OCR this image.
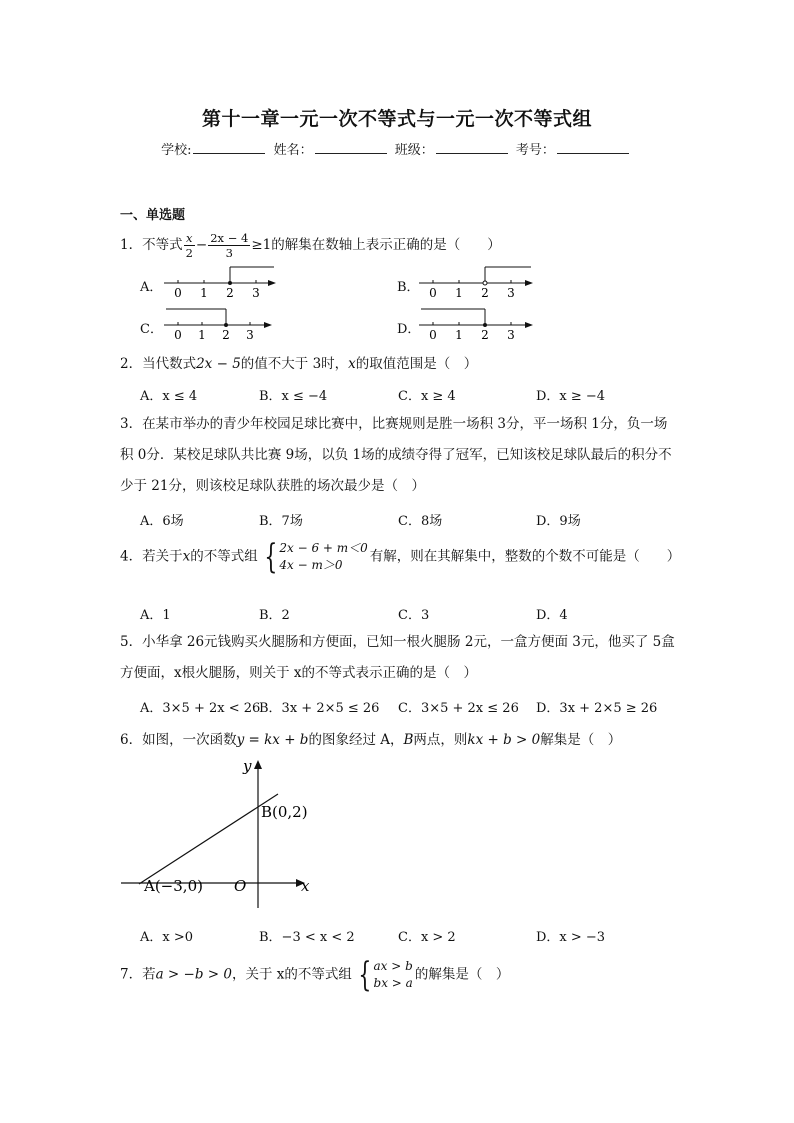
第十一章一元一次不等式与一元一次不等式组
学校:	姓名：	班级：	考号：
一、单选题
1．不等式 $\frac{x}{2} - \frac{2x - 4}{3} \ge 1$的解集在数轴上表示正确的是（　　）
A． 0 1 2 3	B． 0 1 2 3
C． 0 1 2 3	D． 0 1 2 3
2．当代数式2x − 5的值不大于 3时，x的取值范围是（　）
A．x ≤ 4	B．x ≤ −4	C．x ≥ 4	D．x ≥ −4
3．在某市举办的青少年校园足球比赛中，比赛规则是胜一场积 3分，平一场积 1分，负一场积 0分．某校足球队共比赛 9场，以负 1场的成绩夺得了冠军，已知该校足球队最后的积分不少于 21分，则该校足球队获胜的场次最少是（　）
A．6场	B．7场	C．8场	D．9场
4．若关于x的不等式组 { 2x − 6 + m＜0
4x − m＞0
有解，则在其解集中，整数的个数不可能是（　　）
A．1	B．2	C．3	D．4
5．小华拿 26元钱购买火腿肠和方便面，已知一根火腿肠 2元，一盒方便面 3元，他买了 5盒方便面，x根火腿肠，则关于 x的不等式表示正确的是（　）
A．3×5 + 2x < 26
B．3x + 2×5 ≤ 26 C．3×5 + 2x ≤ 26 D．3x + 2×5 ≥ 26
6．如图，一次函数y = kx + b的图象经过 A，B两点，则kx + b > 0解集是（　）
y
x
O
A(−3,0)
B(0,2)
A．x >0	B．−3 < x < 2	C．x > 2	D．x > −3
7．若a > −b > 0，关于 x的不等式组 { ax > b
bx > a
的解集是（　）
